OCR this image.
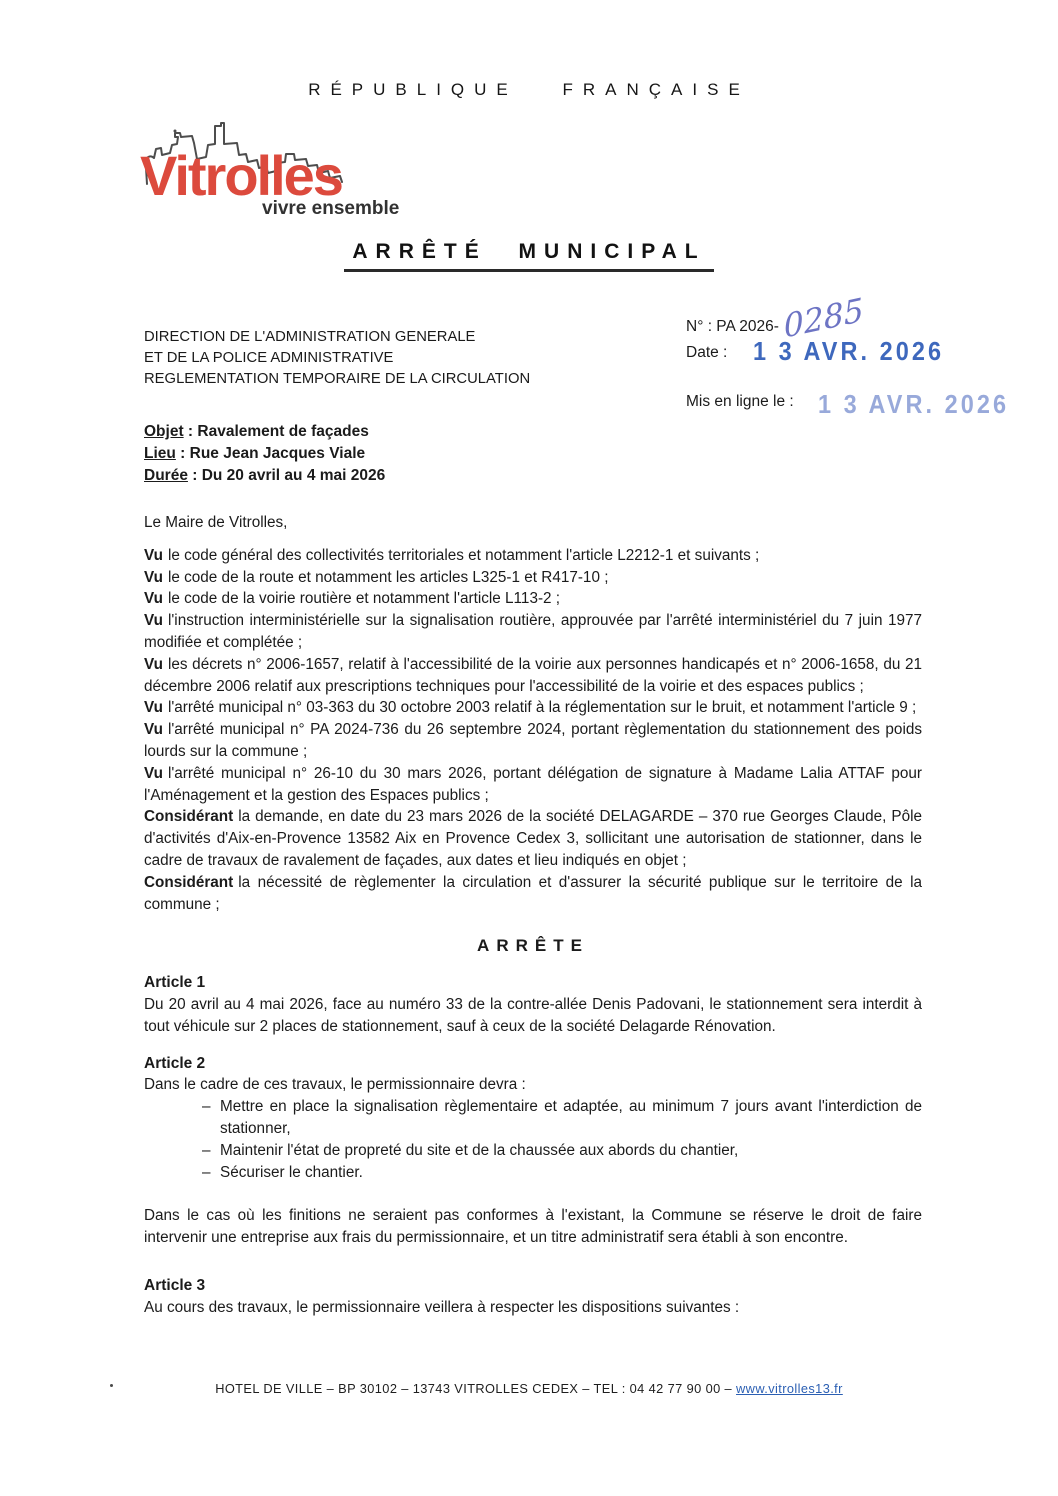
RÉPUBLIQUE FRANÇAISE
Vitrolles
vivre ensemble
ARRÊTÉ MUNICIPAL
DIRECTION DE L'ADMINISTRATION GENERALE
ET DE LA POLICE ADMINISTRATIVE
REGLEMENTATION TEMPORAIRE DE LA CIRCULATION
N° : PA 2026- 0285
Date : 1 3 AVR. 2026
Mis en ligne le : 1 3 AVR. 2026
Objet : Ravalement de façades
Lieu : Rue Jean Jacques Viale
Durée : Du 20 avril au 4 mai 2026

Le Maire de Vitrolles,

Vu le code général des collectivités territoriales et notamment l'article L2212-1 et suivants ;

Vu le code de la route et notamment les articles L325-1 et R417-10 ;

Vu le code de la voirie routière et notamment l'article L113-2 ;

Vu l'instruction interministérielle sur la signalisation routière, approuvée par l'arrêté interministériel du 7 juin 1977 modifiée et complétée ;

Vu les décrets n° 2006-1657, relatif à l'accessibilité de la voirie aux personnes handicapés et n° 2006-1658, du 21 décembre 2006 relatif aux prescriptions techniques pour l'accessibilité de la voirie et des espaces publics ;

Vu l'arrêté municipal n° 03-363 du 30 octobre 2003 relatif à la réglementation sur le bruit, et notamment l'article 9 ;

Vu l'arrêté municipal n° PA 2024-736 du 26 septembre 2024, portant règlementation du stationnement des poids lourds sur la commune ;

Vu l'arrêté municipal n° 26-10 du 30 mars 2026, portant délégation de signature à Madame Lalia ATTAF pour l'Aménagement et la gestion des Espaces publics ;

Considérant la demande, en date du 23 mars 2026 de la société DELAGARDE – 370 rue Georges Claude, Pôle d'activités d'Aix-en-Provence 13582 Aix en Provence Cedex 3, sollicitant une autorisation de stationner, dans le cadre de travaux de ravalement de façades, aux dates et lieu indiqués en objet ;

Considérant la nécessité de règlementer la circulation et d'assurer la sécurité publique sur le territoire de la commune ;

ARRÊTE

Article 1

Du 20 avril au 4 mai 2026, face au numéro 33 de la contre-allée Denis Padovani, le stationnement sera interdit à tout véhicule sur 2 places de stationnement, sauf à ceux de la société Delagarde Rénovation.

Article 2

Dans le cadre de ces travaux, le permissionnaire devra :

– Mettre en place la signalisation règlementaire et adaptée, au minimum 7 jours avant l'interdiction de stationner,
– Maintenir l'état de propreté du site et de la chaussée aux abords du chantier,
– Sécuriser le chantier.

Dans le cas où les finitions ne seraient pas conformes à l'existant, la Commune se réserve le droit de faire intervenir une entreprise aux frais du permissionnaire, et un titre administratif sera établi à son encontre.

Article 3

Au cours des travaux, le permissionnaire veillera à respecter les dispositions suivantes :

HOTEL DE VILLE – BP 30102 – 13743 VITROLLES CEDEX – TEL : 04 42 77 90 00 – www.vitrolles13.fr
